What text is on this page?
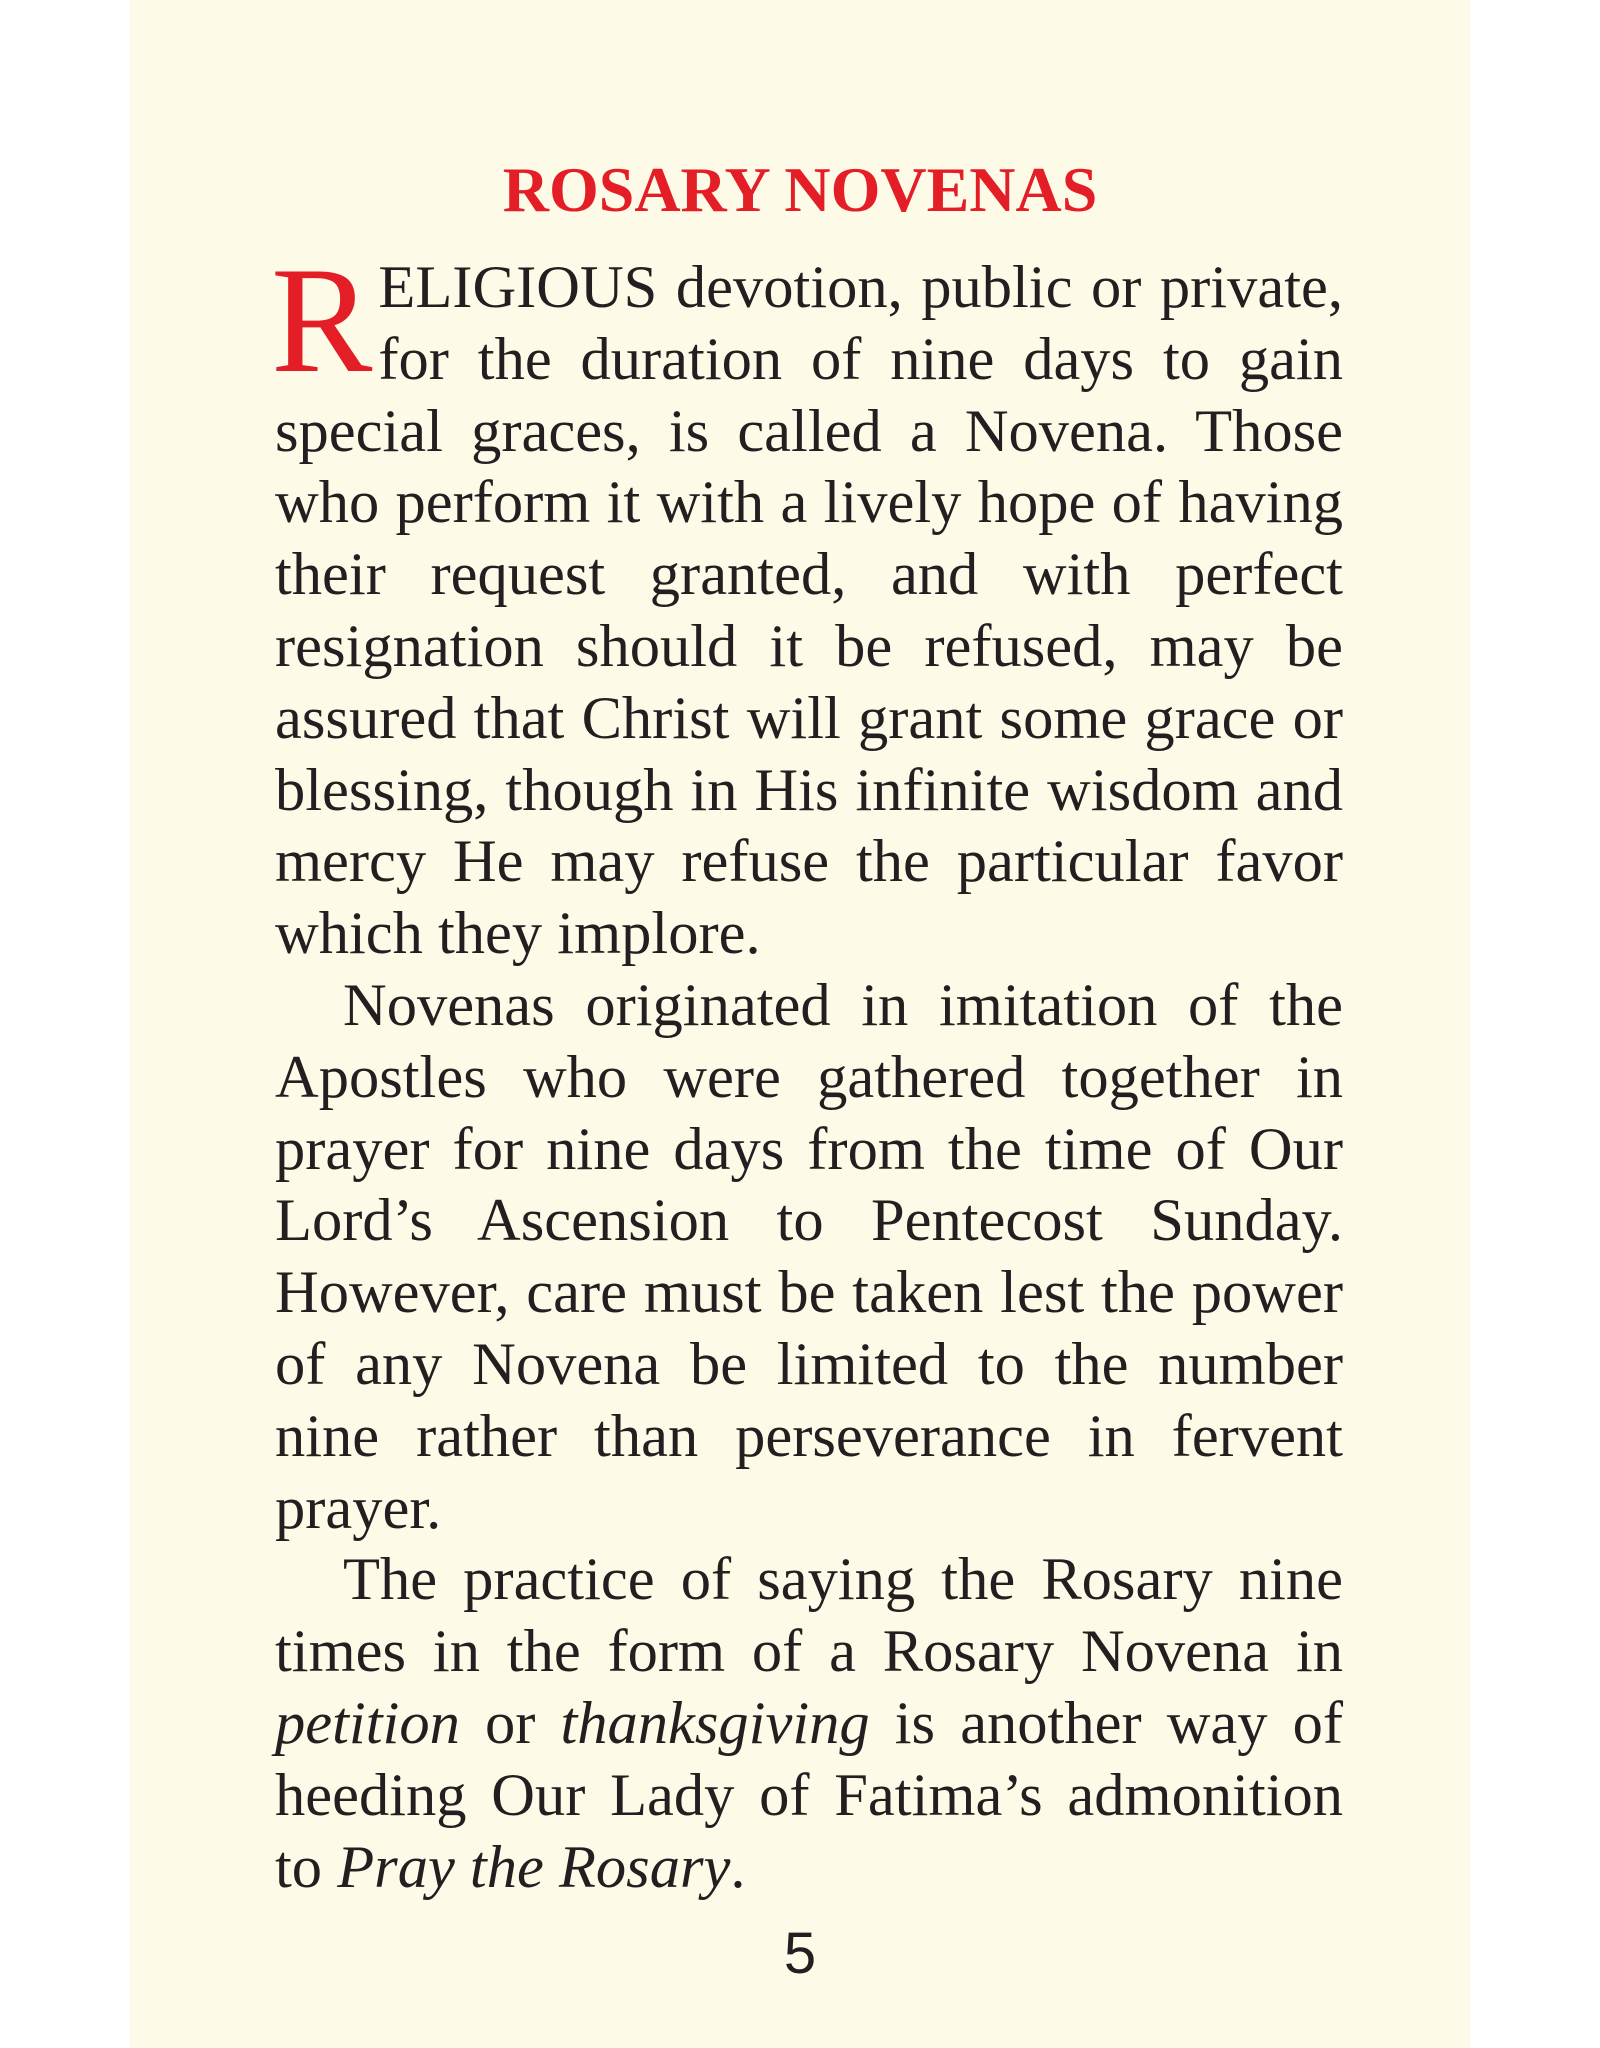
ROSARY NOVENAS

RELIGIOUS devotion, public or private, for the duration of nine days to gain special graces, is called a Novena. Those who perform it with a lively hope of having their request granted, and with perfect resignation should it be refused, may be assured that Christ will grant some grace or blessing, though in His infinite wisdom and mercy He may refuse the particular favor which they implore.

Novenas originated in imitation of the Apostles who were gathered together in prayer for nine days from the time of Our Lord’s Ascension to Pentecost Sunday. However, care must be taken lest the power of any Novena be limited to the number nine rather than perseverance in fervent prayer.

The practice of saying the Rosary nine times in the form of a Rosary Novena in petition or thanksgiving is another way of heeding Our Lady of Fatima’s admonition to Pray the Rosary.

5
